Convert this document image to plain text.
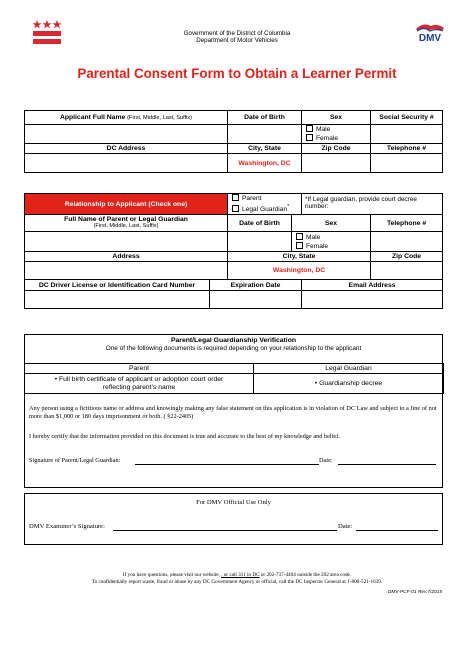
Government of the District of Columbia
Department of Motor Vehicles	DMV
Parental Consent Form to Obtain a Learner Permit
Applicant Full Name (First, Middle, Last, Suffix)	Date of Birth	Sex	Social Security #

		Male
Female	

DC Address	City, State	Zip Code	Telephone #
	Washington, DC		
Relationship to Applicant (Check one)		Parent
Legal Guardian*		*If Legal guardian, provide court decree number:	

Full Name of Parent or Legal Guardian
(First, Middle, Last, Suffix)		Date of Birth	Sex		Telephone #

			Male
Female		

Address		City, State			Zip Code
		Washington, DC			
DC Driver License or Identification Card Number	Expiration Date			Email Address	

Parent/Legal Guardianship Verification
One of the following documents is required depending on your relationship to the applicant
Parent	Legal Guardian

• Full birth certificate of applicant or adoption court order
reflecting parent’s name	• Guardianship decree
Any person using a fictitious name or address and knowingly making any false statement on this application is in violation of DC Law and subject to a fine of not more than $1,000 or 180 days imprisonment or both. ( §22-2405)
I hereby certify that the information provided on this document is true and accurate to the best of my knowledge and belief.
Signature of Parent/Legal Guardian:	Date:
For DMV Official Use Only
DMV Examiner’s Signature:	Date:
If you have questions, please visit our website, , or call 311 in DC or 202-737-4404 outside the 202 area code.
To confidentially report waste, fraud or abuse by any DC Government Agency or official, call the DC Inspector General at 1-800-521-1639.
DMV-PCF-01 Rev.7/2015
